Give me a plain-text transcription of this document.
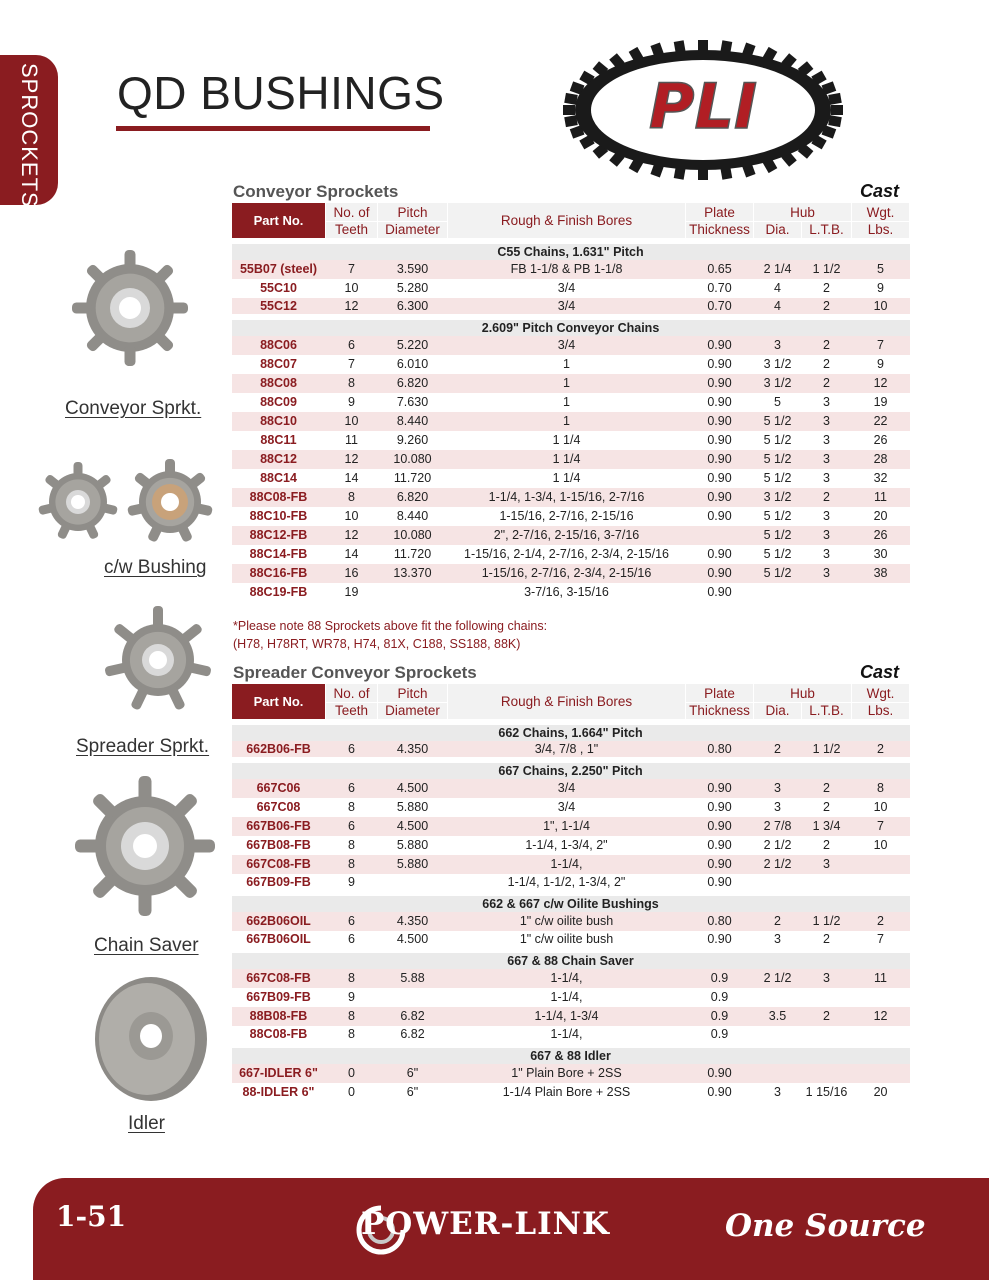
SPROCKETS QD BUSHINGS	PLI
Conveyor Sprkt.
c/w Bushing
Spreader Sprkt.
Chain Saver
Idler
Conveyor Sprockets	Cast
Part No.	No. of	Pitch	Rough & Finish Bores	Plate	Hub		Wgt.
	Teeth	Diameter		Thickness	Dia.	L.T.B.	Lbs.
C55 Chains, 1.631" Pitch							
55B07 (steel)	7	3.590	FB 1-1/8 & PB 1-1/8	0.65	2 1/4	1 1/2	5
55C10	10	5.280	3/4	0.70	4	2	9
55C12	12	6.300	3/4	0.70	4	2	10
2.609" Pitch Conveyor Chains							
88C06	6	5.220	3/4	0.90	3	2	7
88C07	7	6.010	1	0.90	3 1/2	2	9
88C08	8	6.820	1	0.90	3 1/2	2	12
88C09	9	7.630	1	0.90	5	3	19
88C10	10	8.440	1	0.90	5 1/2	3	22
88C11	11	9.260	1 1/4	0.90	5 1/2	3	26
88C12	12	10.080	1 1/4	0.90	5 1/2	3	28
88C14	14	11.720	1 1/4	0.90	5 1/2	3	32
88C08-FB	8	6.820	1-1/4, 1-3/4, 1-15/16, 2-7/16	0.90	3 1/2	2	11
88C10-FB	10	8.440	1-15/16, 2-7/16, 2-15/16	0.90	5 1/2	3	20
88C12-FB	12	10.080	2", 2-7/16, 2-15/16, 3-7/16		5 1/2	3	26
88C14-FB	14	11.720	1-15/16, 2-1/4, 2-7/16, 2-3/4, 2-15/16	0.90	5 1/2	3	30
88C16-FB	16	13.370	1-15/16, 2-7/16, 2-3/4, 2-15/16	0.90	5 1/2	3	38
88C19-FB	19		3-7/16, 3-15/16	0.90			
*Please note 88 Sprockets above fit the following chains:
(H78, H78RT, WR78, H74, 81X, C188, SS188, 88K)
Spreader Conveyor Sprockets	Cast
Part No.	No. of	Pitch	Rough & Finish Bores	Plate	Hub		Wgt.
	Teeth	Diameter		Thickness	Dia.	L.T.B.	Lbs.
662 Chains, 1.664" Pitch							
662B06-FB	6	4.350	3/4, 7/8 , 1"	0.80	2	1 1/2	2
667 Chains, 2.250" Pitch							
667C06	6	4.500	3/4	0.90	3	2	8
667C08	8	5.880	3/4	0.90	3	2	10
667B06-FB	6	4.500	1", 1-1/4	0.90	2 7/8	1 3/4	7
667B08-FB	8	5.880	1-1/4, 1-3/4, 2"	0.90	2 1/2	2	10
667C08-FB	8	5.880	1-1/4,	0.90	2 1/2	3	
667B09-FB	9		1-1/4, 1-1/2, 1-3/4, 2"	0.90			
662 & 667 c/w Oilite Bushings							
662B06OIL	6	4.350	1" c/w oilite bush	0.80	2	1 1/2	2
667B06OIL	6	4.500	1" c/w oilite bush	0.90	3	2	7
667 & 88 Chain Saver							
667C08-FB	8	5.88	1-1/4,	0.9	2 1/2	3	11
667B09-FB	9		1-1/4,	0.9			
88B08-FB	8	6.82	1-1/4, 1-3/4	0.9	3.5	2	12
88C08-FB	8	6.82	1-1/4,	0.9			
667 & 88 Idler							
667-IDLER 6"	0	6"	1" Plain Bore + 2SS	0.90			
88-IDLER 6"	0	6"	1-1/4 Plain Bore + 2SS	0.90	3	1 15/16	20
1-51	POWER-LINK	One Source
